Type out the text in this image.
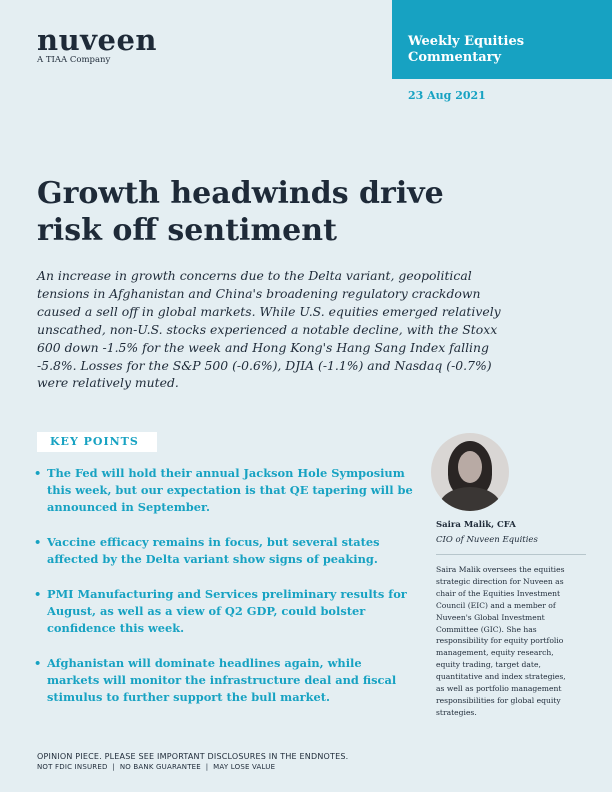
nuveen
A TIAA Company
Weekly Equities
Commentary
23 Aug 2021
Growth headwinds drive risk off sentiment

An increase in growth concerns due to the Delta variant, geopolitical tensions in Afghanistan and China's broadening regulatory crackdown caused a sell off in global markets. While U.S. equities emerged relatively unscathed, non-U.S. stocks experienced a notable decline, with the Stoxx 600 down -1.5% for the week and Hong Kong's Hang Sang Index falling -5.8%. Losses for the S&P 500 (-0.6%), DJIA (-1.1%) and Nasdaq (-0.7%) were relatively muted.

KEY POINTS
• The Fed will hold their annual Jackson Hole Symposium this week, but our expectation is that QE tapering will be announced in September.
• Vaccine efficacy remains in focus, but several states affected by the Delta variant show signs of peaking.
• PMI Manufacturing and Services preliminary results for August, as well as a view of Q2 GDP, could bolster confidence this week.
• Afghanistan will dominate headlines again, while markets will monitor the infrastructure deal and fiscal stimulus to further support the bull market.
Saira Malik, CFA
CIO of Nuveen Equities

Saira Malik oversees the equities strategic direction for Nuveen as chair of the Equities Investment Council (EIC) and a member of Nuveen's Global Investment Committee (GIC). She has responsibility for equity portfolio management, equity research, equity trading, target date, quantitative and index strategies, as well as portfolio management responsibilities for global equity strategies.

OPINION PIECE. PLEASE SEE IMPORTANT DISCLOSURES IN THE ENDNOTES.
NOT FDIC INSURED  |  NO BANK GUARANTEE  |  MAY LOSE VALUE
